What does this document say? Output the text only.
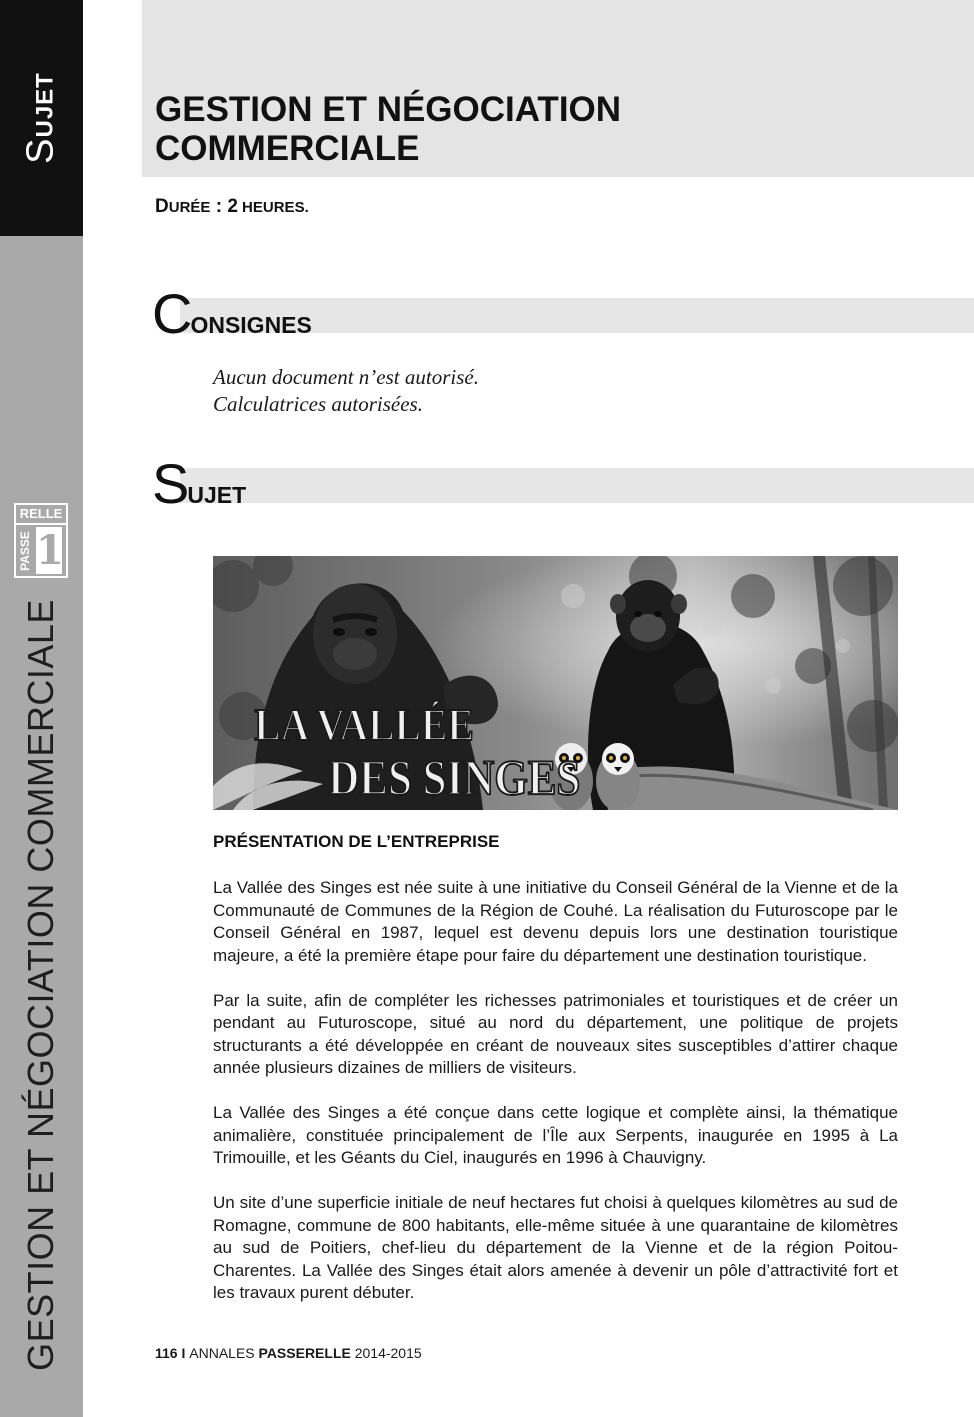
SUJET
RELLE
PASSE 1
GESTION ET NÉGOCIATION COMMERCIALE
GESTION ET NÉGOCIATION
COMMERCIALE
DURÉE : 2 HEURES.
CONSIGNES
Aucun document n’est autorisé.
Calculatrices autorisées.
SUJET
LA VALLÉE
DES SINGES
PRÉSENTATION DE L’ENTREPRISE

La Vallée des Singes est née suite à une initiative du Conseil Général de la Vienne et de la Communauté de Communes de la Région de Couhé. La réalisation du Futuroscope par le Conseil Général en 1987, lequel est devenu depuis lors une destination touristique majeure, a été la première étape pour faire du département une destination touristique.

Par la suite, afin de compléter les richesses patrimoniales et touristiques et de créer un pendant au Futuroscope, situé au nord du département, une politique de projets structurants a été développée en créant de nouveaux sites susceptibles d’attirer chaque année plusieurs dizaines de milliers de visiteurs.

La Vallée des Singes a été conçue dans cette logique et complète ainsi, la thématique animalière, constituée principalement de l’Île aux Serpents, inaugurée en 1995 à La Trimouille, et les Géants du Ciel, inaugurés en 1996 à Chauvigny.

Un site d’une superficie initiale de neuf hectares fut choisi à quelques kilomètres au sud de Romagne, commune de 800 habitants, elle-même située à une quarantaine de kilomètres au sud de Poitiers, chef-lieu du département de la Vienne et de la région Poitou-Charentes. La Vallée des Singes était alors amenée à devenir un pôle d’attractivité fort et les travaux purent débuter.

116 I ANNALES PASSERELLE 2014-2015
